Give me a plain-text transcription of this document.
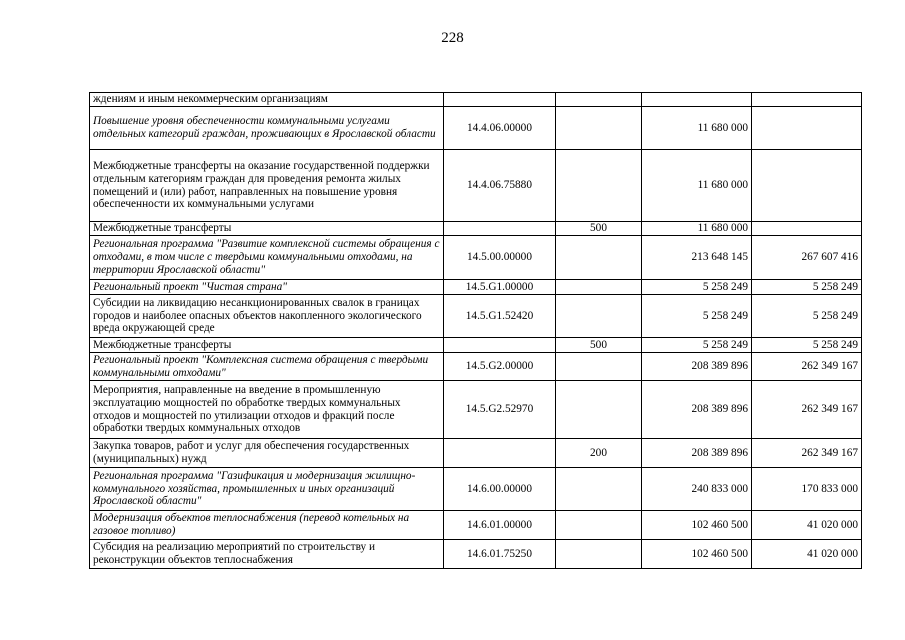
228
ждениям и иным некоммерческим организациям				
Повышение уровня обеспеченности коммунальными услугами отдельных категорий граждан, проживающих в Ярославской области	14.4.06.00000		11 680 000	
Межбюджетные трансферты на оказание государственной поддержки отдельным категориям граждан для проведения ремонта жилых помещений и (или) работ, направленных на повышение уровня обеспеченности их коммунальными услугами	14.4.06.75880		11 680 000	
Межбюджетные трансферты		500	11 680 000	
Региональная программа "Развитие комплексной системы обращения с отходами, в том числе с твердыми коммунальными отходами, на территории Ярославской области"	14.5.00.00000		213 648 145	267 607 416
Региональный проект "Чистая страна"	14.5.G1.00000		5 258 249	5 258 249
Субсидии на ликвидацию несанкционированных свалок в границах городов и наиболее опасных объектов накопленного экологического вреда окружающей среде	14.5.G1.52420		5 258 249	5 258 249
Межбюджетные трансферты		500	5 258 249	5 258 249
Региональный проект "Комплексная система обращения с твердыми коммунальными отходами"	14.5.G2.00000		208 389 896	262 349 167
Мероприятия, направленные на введение в промышленную эксплуатацию мощностей по обработке твердых коммунальных отходов и мощностей по утилизации отходов и фракций после обработки твердых коммунальных отходов	14.5.G2.52970		208 389 896	262 349 167
Закупка товаров, работ и услуг для обеспечения государственных (муниципальных) нужд		200	208 389 896	262 349 167
Региональная программа "Газификация и модернизация жилищно-коммунального хозяйства, промышленных и иных организаций Ярославской области"	14.6.00.00000		240 833 000	170 833 000
Модернизация объектов теплоснабжения (перевод котельных на газовое топливо)	14.6.01.00000		102 460 500	41 020 000
Субсидия на реализацию мероприятий по строительству и реконструкции объектов теплоснабжения	14.6.01.75250		102 460 500	41 020 000
